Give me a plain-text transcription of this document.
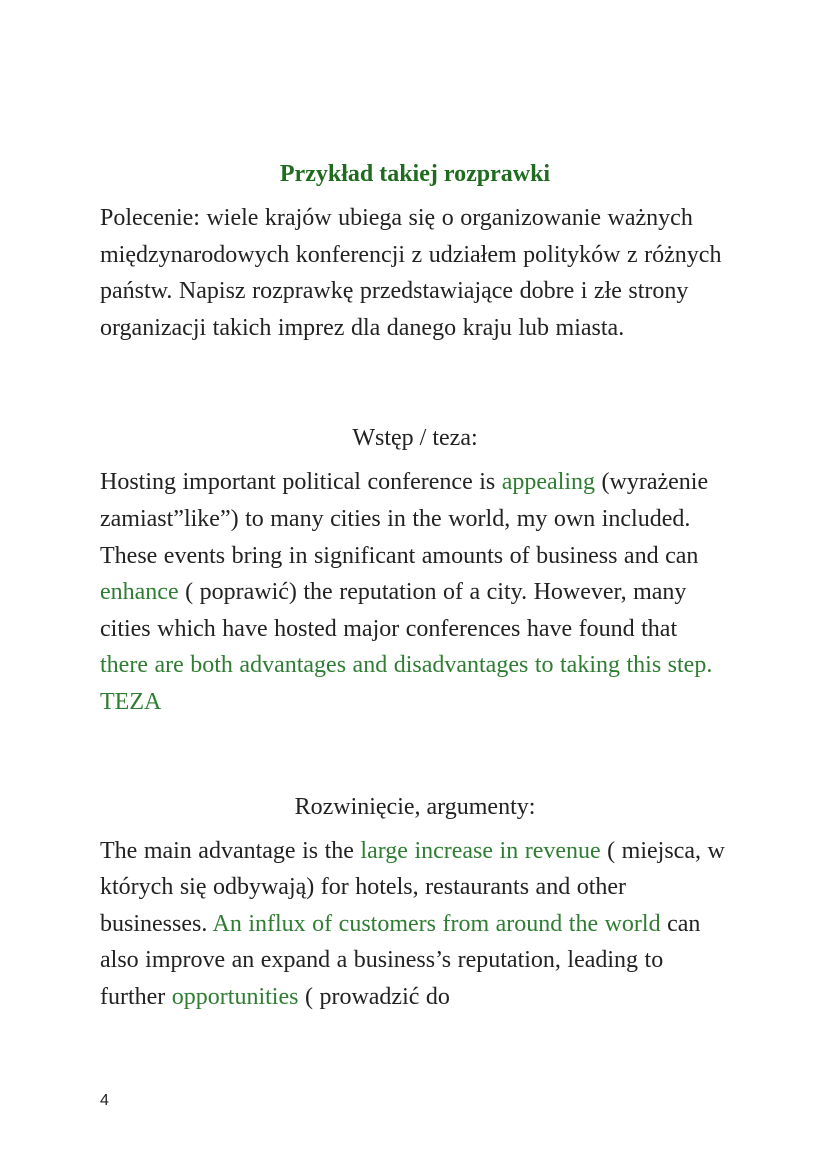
Przykład takiej rozprawki

Polecenie: wiele krajów ubiega się o organizowanie ważnych międzynarodowych konferencji z udziałem polityków z różnych państw. Napisz rozprawkę przedstawiające dobre i złe strony organizacji takich imprez dla danego kraju lub miasta.

Wstęp / teza:

Hosting important political conference is appealing (wyrażenie zamiast”like”) to many cities in the world, my own included. These events bring in significant amounts of business and can enhance ( poprawić) the reputation of a city. However, many cities which have hosted major conferences have found that there are both advantages and disadvantages to taking this step. TEZA

Rozwinięcie, argumenty:

The main advantage is the large increase in revenue ( miejsca, w których się odbywają) for hotels, restaurants and other businesses. An influx of customers from around the world can also improve an expand a business’s reputation, leading to further opportunities ( prowadzić do

4
